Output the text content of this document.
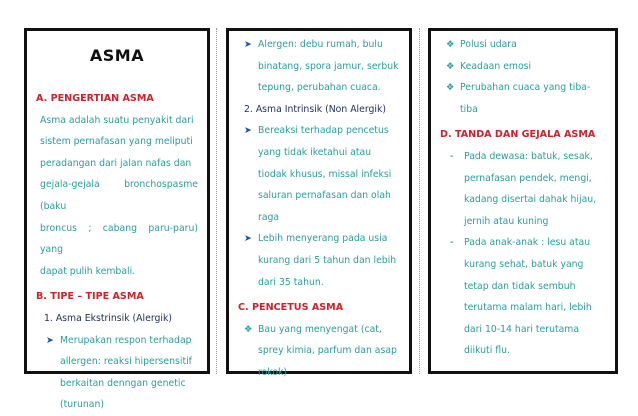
ASMA
A. PENGERTIAN ASMA
Asma adalah suatu penyakit dari
sistem pernafasan yang meliputi
peradangan dari jalan nafas dan
gejala-gejala bronchospasme (baku
broncus ; cabang paru-paru) yang
dapat pulih kembali.
B. TIPE – TIPE ASMA
1. Asma Ekstrinsik (Alergik)
➤ Merupakan respon terhadap
allergen: reaksi hipersensitif
berkaitan denngan genetic
(turunan)
➤ Alergen: debu rumah, bulu
binatang, spora jamur, serbuk
tepung, perubahan cuaca.
2. Asma Intrinsik (Non Alergik)
➤ Bereaksi terhadap pencetus
yang tidak iketahui atau
tiodak khusus, missal infeksi
saluran pernafasan dan olah
raga
➤ Lebih menyerang pada usia
kurang dari 5 tahun dan lebih
dari 35 tahun.
C. PENCETUS ASMA
❖ Bau yang menyengat (cat,
sprey kimia, parfum dan asap
rokok)
❖ Polusi udara
❖ Keadaan emosi
❖ Perubahan cuaca yang tiba-
tiba
D. TANDA DAN GEJALA ASMA
-	Pada dewasa: batuk, sesak,
pernafasan pendek, mengi,
kadang disertai dahak hijau,
jernih atau kuning
-	Pada anak-anak : lesu atau
kurang sehat, batuk yang
tetap dan tidak sembuh
terutama malam hari, lebih
dari 10-14 hari terutama
diikuti flu.
